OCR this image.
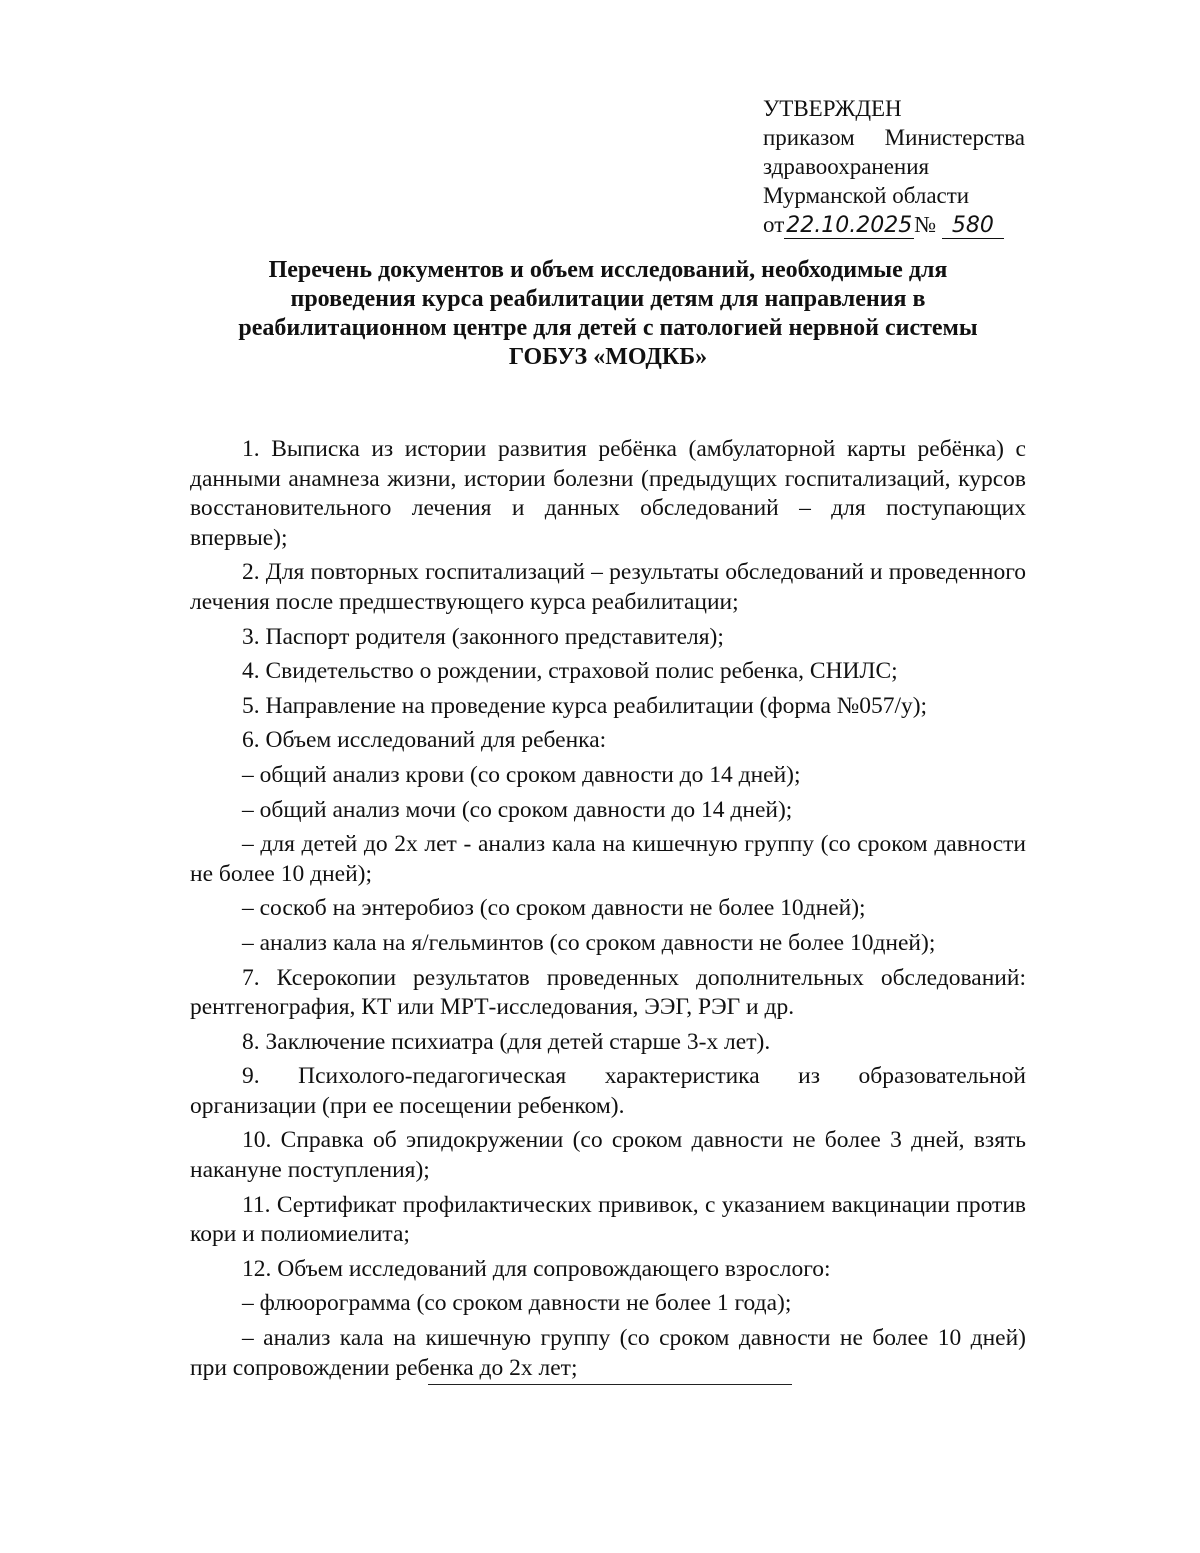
УТВЕРЖДЕН
приказом Министерства
здравоохранения
Мурманской области
от22.10.2025№ 580
Перечень документов и объем исследований, необходимые для
проведения курса реабилитации детям для направления в
реабилитационном центре для детей с патологией нервной системы
ГОБУЗ «МОДКБ»

1. Выписка из истории развития ребёнка (амбулаторной карты ребёнка) с данными анамнеза жизни, истории болезни (предыдущих госпитализаций, курсов восстановительного лечения и данных обследований – для поступающих впервые);

2. Для повторных госпитализаций – результаты обследований и проведенного лечения после предшествующего курса реабилитации;

3. Паспорт родителя (законного представителя);

4. Свидетельство о рождении, страховой полис ребенка, СНИЛС;

5. Направление на проведение курса реабилитации (форма №057/у);

6. Объем исследований для ребенка:

– общий анализ крови (со сроком давности до 14 дней);

– общий анализ мочи (со сроком давности до 14 дней);

– для детей до 2х лет - анализ кала на кишечную группу (со сроком давности не более 10 дней);

– соскоб на энтеробиоз (со сроком давности не более 10дней);

– анализ кала на я/гельминтов (со сроком давности не более 10дней);

7. Ксерокопии результатов проведенных дополнительных обследований: рентгенография, КТ или МРТ-исследования, ЭЭГ, РЭГ и др.

8. Заключение психиатра (для детей старше 3-х лет).

9. Психолого-педагогическая характеристика из образовательной организации (при ее посещении ребенком).

10. Справка об эпидокружении (со сроком давности не более 3 дней, взять накануне поступления);

11. Сертификат профилактических прививок, с указанием вакцинации против кори и полиомиелита;

12. Объем исследований для сопровождающего взрослого:

– флюорограмма (со сроком давности не более 1 года);

– анализ кала на кишечную группу (со сроком давности не более 10 дней) при сопровождении ребенка до 2х лет;
